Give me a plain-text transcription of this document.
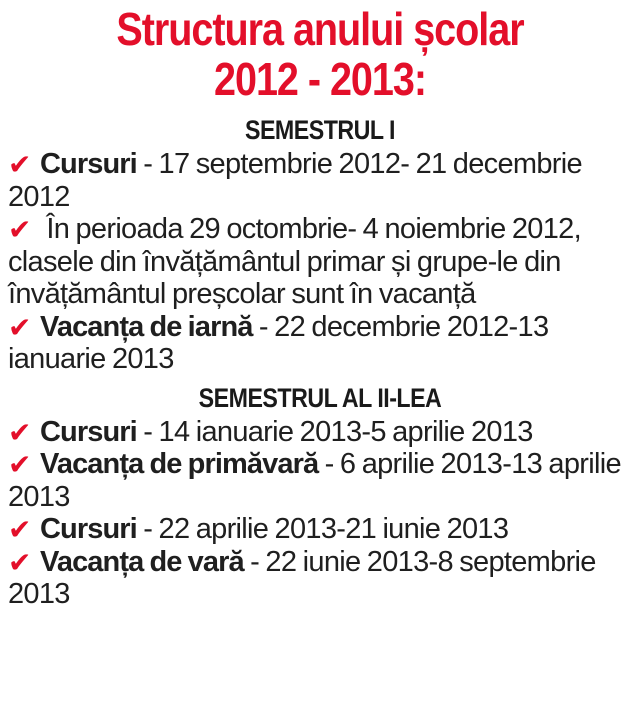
Structura anului școlar
2012 - 2013:
SEMESTRUL I
✔ Cursuri - 17 septembrie 2012- 21 decembrie 2012
✔ În perioada 29 octombrie- 4 noiembrie 2012, clasele din învățământul primar și grupe-le din învățământul preșcolar sunt în vacanță
✔ Vacanța de iarnă - 22 decembrie 2012-13 ianuarie 2013
SEMESTRUL AL II-LEA
✔ Cursuri - 14 ianuarie 2013-5 aprilie 2013
✔ Vacanța de primăvară - 6 aprilie 2013-13 aprilie 2013
✔ Cursuri - 22 aprilie 2013-21 iunie 2013
✔ Vacanța de vară - 22 iunie 2013-8 septembrie 2013
